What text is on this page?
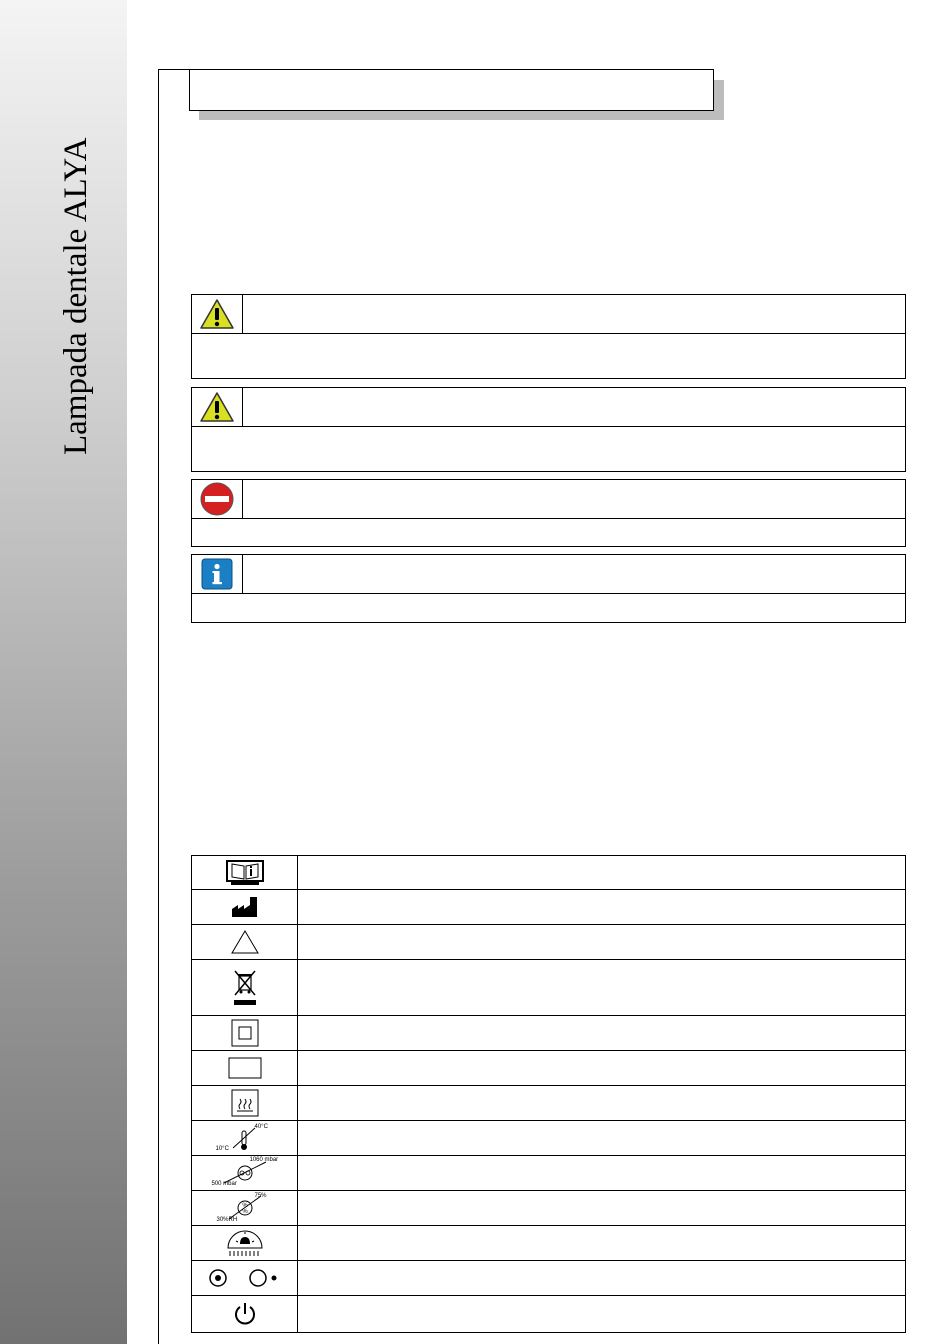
Lampada dentale ALYA
40°C
10°C
1060 mbar
500 mbar
%
%
75%
30%RH
